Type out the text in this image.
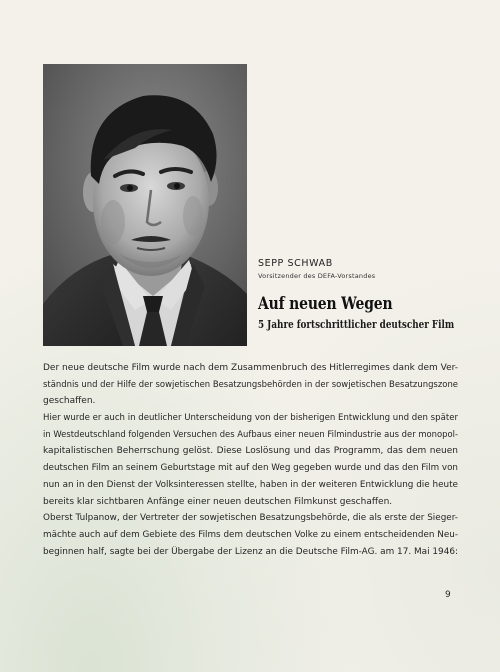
SEPP SCHWAB
Vorsitzender des DEFA-Vorstandes
Auf neuen Wegen
5 Jahre fortschrittlicher deutscher Film
Der neue deutsche Film wurde nach dem Zusammenbruch des Hitlerregimes dank dem Ver-
ständnis und der Hilfe der sowjetischen Besatzungsbehörden in der sowjetischen Besatzungszone
geschaffen.
Hier wurde er auch in deutlicher Unterscheidung von der bisherigen Entwicklung und den später
in Westdeutschland folgenden Versuchen des Aufbaus einer neuen Filmindustrie aus der monopol-
kapitalistischen Beherrschung gelöst. Diese Loslösung und das Programm, das dem neuen
deutschen Film an seinem Geburtstage mit auf den Weg gegeben wurde und das den Film von
nun an in den Dienst der Volksinteressen stellte, haben in der weiteren Entwicklung die heute
bereits klar sichtbaren Anfänge einer neuen deutschen Filmkunst geschaffen.
Oberst Tulpanow, der Vertreter der sowjetischen Besatzungsbehörde, die als erste der Sieger-
mächte auch auf dem Gebiete des Films dem deutschen Volke zu einem entscheidenden Neu-
beginnen half, sagte bei der Übergabe der Lizenz an die Deutsche Film-AG. am 17. Mai 1946:
9
